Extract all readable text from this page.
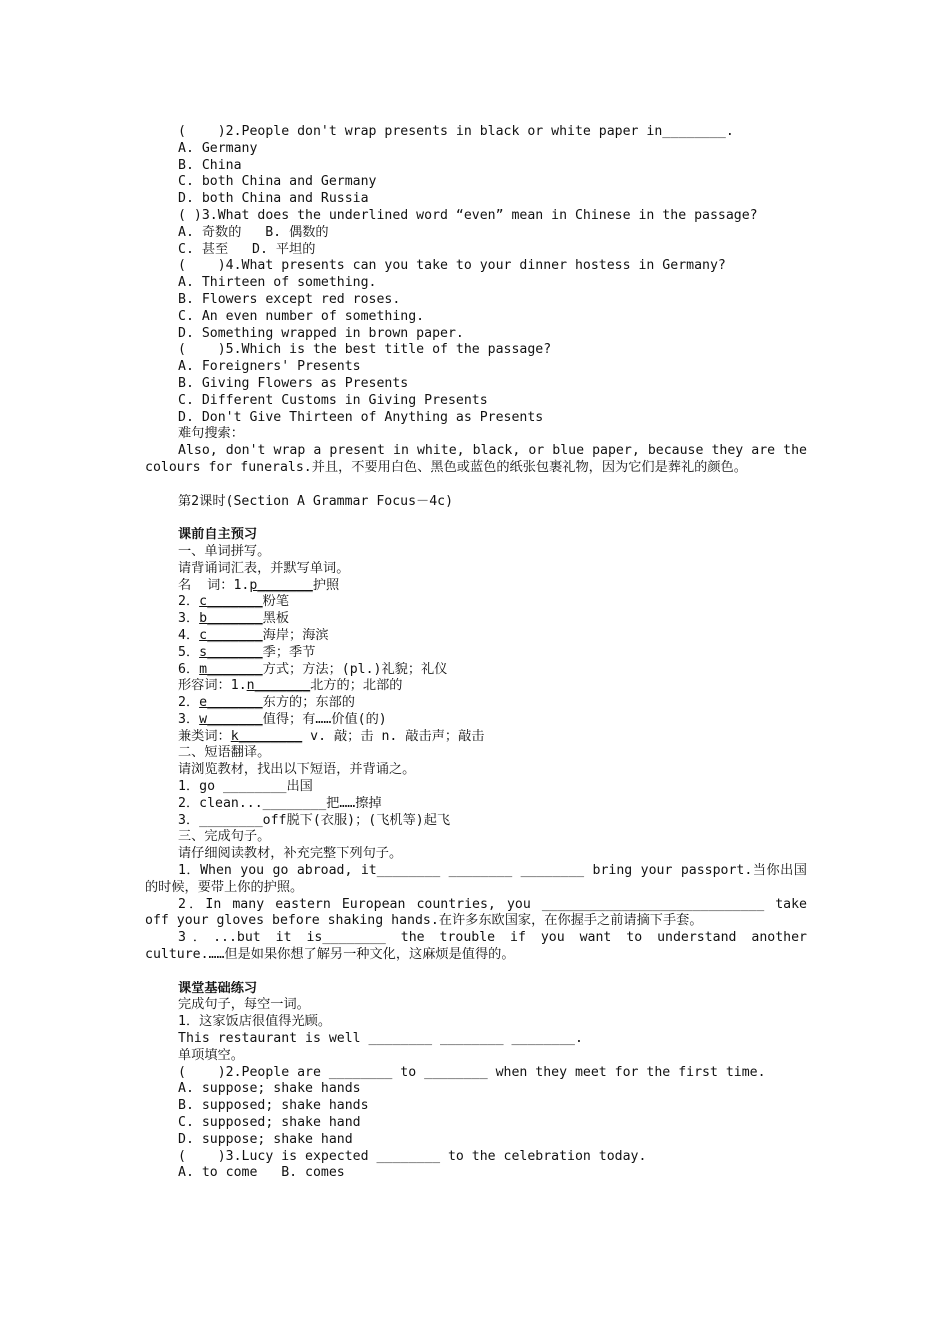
(    )2.People don't wrap presents in black or white paper in________.
A. Germany
B. China
C. both China and Germany
D. both China and Russia
( )3.What does the underlined word “even” mean in Chinese in the passage?
A. 奇数的   B. 偶数的
C. 甚至   D. 平坦的
(    )4.What presents can you take to your dinner hostess in Germany?
A. Thirteen of something.
B. Flowers except red roses.
C. An even number of something.
D. Something wrapped in brown paper.
(    )5.Which is the best title of the passage?
A. Foreigners' Presents
B. Giving Flowers as Presents
C. Different Customs in Giving Presents
D. Don't Give Thirteen of Anything as Presents
难句搜索：
Also, don't wrap a present in white, black, or blue paper, because they are the colours for funerals.并且，不要用白色、黑色或蓝色的纸张包裹礼物，因为它们是葬礼的颜色。
第2课时(Section A Grammar Focus－4c)
课前自主预习
一、单词拼写。
请背诵词汇表，并默写单词。
名  词：1.p_______护照
2．c_______粉笔
3．b_______黑板
4．c_______海岸；海滨
5．s_______季；季节
6．m_______方式；方法；(pl.)礼貌；礼仪
形容词：1.n_______北方的；北部的
2．e_______东方的；东部的
3．w_______值得；有……价值(的)
兼类词：k________ v. 敲；击 n. 敲击声；敲击
二、短语翻译。
请浏览教材，找出以下短语，并背诵之。
1．go ________出国
2．clean...________把……擦掉
3．________off脱下(衣服)；(飞机等)起飞
三、完成句子。
请仔细阅读教材，补充完整下列句子。
1．When you go abroad, it________ ________ ________ bring your passport.当你出国的时候，要带上你的护照。
2．In many eastern European countries, you ____________________________ take off your gloves before shaking hands.在许多东欧国家，在你握手之前请摘下手套。
3．...but it is________ the trouble if you want to understand another culture.……但是如果你想了解另一种文化，这麻烦是值得的。
课堂基础练习
完成句子，每空一词。
1．这家饭店很值得光顾。
This restaurant is well ________ ________ ________.
单项填空。
(    )2.People are ________ to ________ when they meet for the first time.
A. suppose; shake hands
B. supposed; shake hands
C. supposed; shake hand
D. suppose; shake hand
(    )3.Lucy is expected ________ to the celebration today.
A. to come   B. comes
